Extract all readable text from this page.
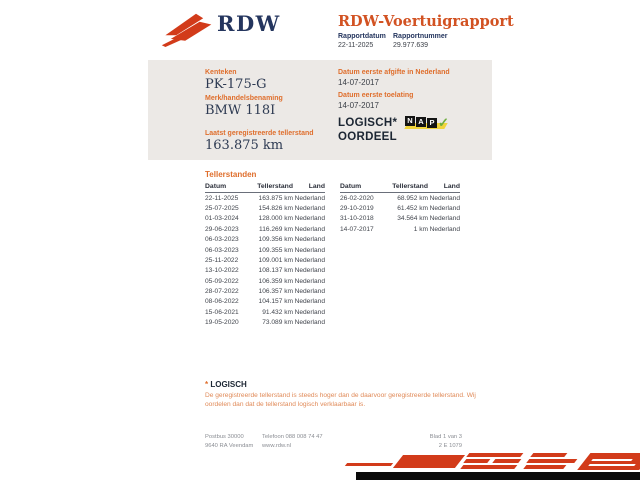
RDW	RDW-Voertuigrapport
Rapportdatum
22-11-2025
Rapportnummer
29.977.639
Kenteken
PK-175-G
Merk/handelsbenaming
BMW 118I
Laatst geregistreerde tellerstand
163.875 km
Datum eerste afgifte in Nederland
14-07-2017
Datum eerste toelating
14-07-2017
LOGISCH*
OORDEEL
N A P ✓
Tellerstanden
Datum	Tellerstand	Land
22-11-2025	163.875 km	Nederland
25-07-2025	154.826 km	Nederland
01-03-2024	128.000 km	Nederland
29-06-2023	116.269 km	Nederland
06-03-2023	109.356 km	Nederland
06-03-2023	109.355 km	Nederland
25-11-2022	109.001 km	Nederland
13-10-2022	108.137 km	Nederland
05-09-2022	106.359 km	Nederland
28-07-2022	106.357 km	Nederland
08-06-2022	104.157 km	Nederland
15-06-2021	91.432 km	Nederland
19-05-2020	73.089 km	Nederland
Datum	Tellerstand	Land
26-02-2020	68.952 km	Nederland
29-10-2019	61.452 km	Nederland
31-10-2018	34.564 km	Nederland
14-07-2017	1 km	Nederland
* LOGISCH
De geregistreerde tellerstand is steeds hoger dan de daarvoor geregistreerde tellerstand. Wij oordelen dan dat de tellerstand logisch verklaarbaar is.
Postbus 30000
9640 RA Veendam
Telefoon 088 008 74 47
www.rdw.nl
Blad 1 van 3
2 E 1079
